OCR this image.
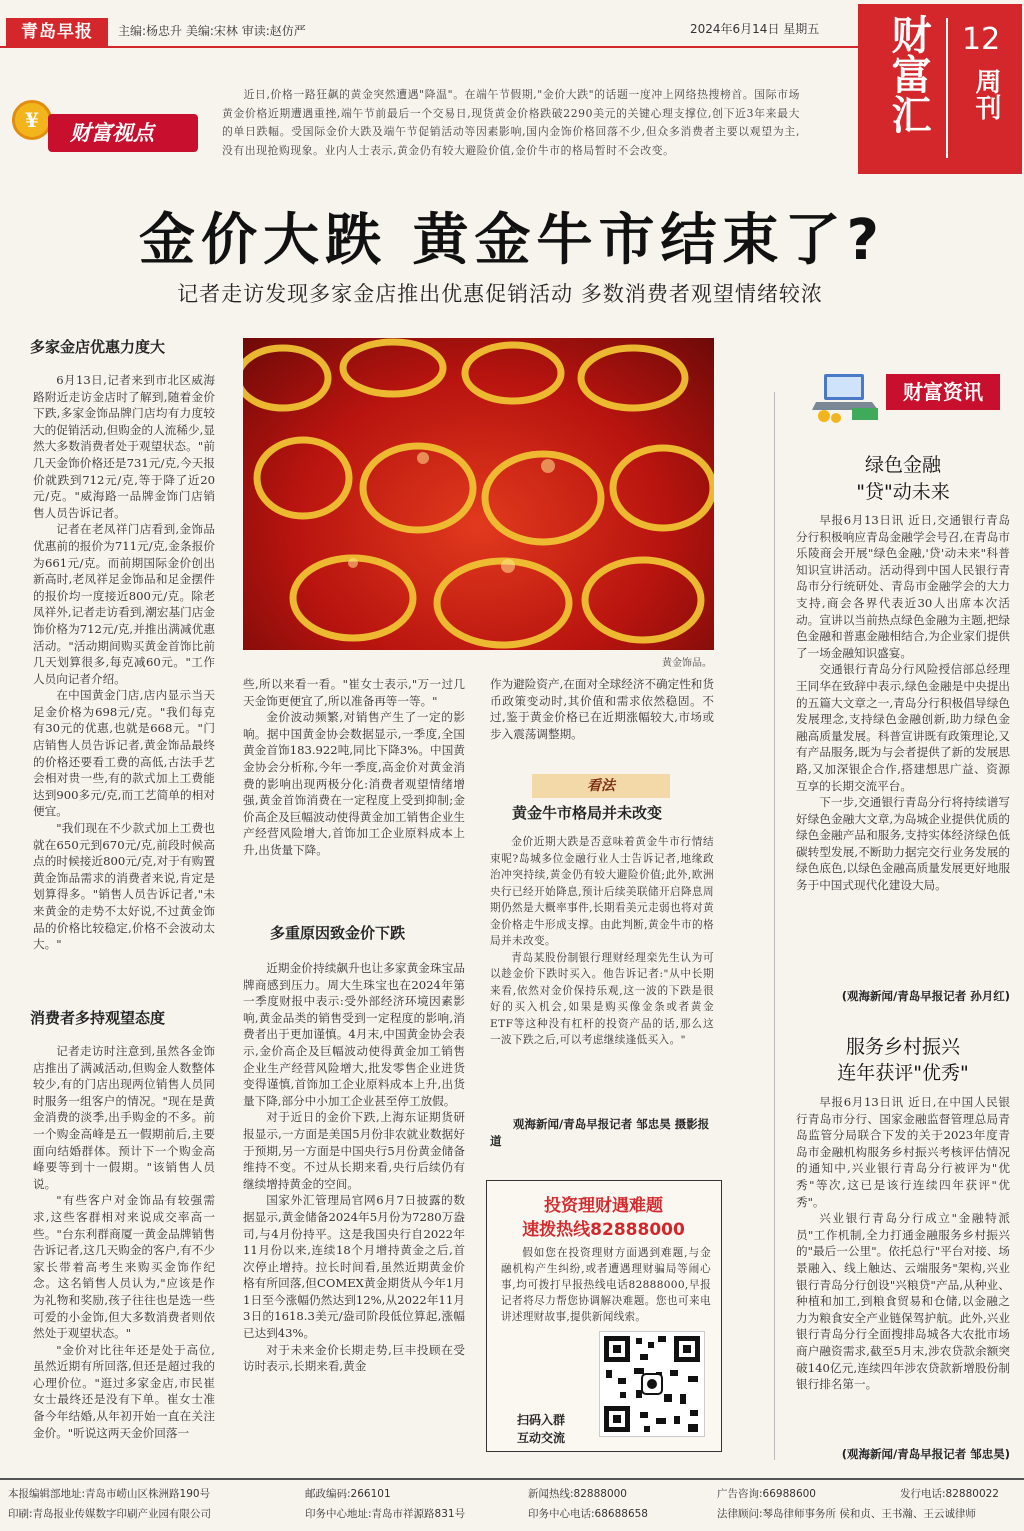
青岛早报	主编:杨忠升 美编:宋林 审读:赵仿严	2024年6月14日 星期五	财富汇 12
周刊
¥
财富视点
近日,价格一路狂飙的黄金突然遭遇"降温"。在端午节假期,"金价大跌"的话题一度冲上网络热搜榜首。国际市场黄金价格近期遭遇重挫,端午节前最后一个交易日,现货黄金价格跌破2290美元的关键心理支撑位,创下近3年来最大的单日跌幅。受国际金价大跌及端午节促销活动等因素影响,国内金饰价格回落不少,但众多消费者主要以观望为主,没有出现抢购现象。业内人士表示,黄金仍有较大避险价值,金价牛市的格局暂时不会改变。
金价大跌 黄金牛市结束了?
记者走访发现多家金店推出优惠促销活动 多数消费者观望情绪较浓
多家金店优惠力度大

6月13日,记者来到市北区威海路附近走访金店时了解到,随着金价下跌,多家金饰品牌门店均有力度较大的促销活动,但购金的人流稀少,显然大多数消费者处于观望状态。"前几天金饰价格还是731元/克,今天报价就跌到712元/克,等于降了近20元/克。"威海路一品牌金饰门店销售人员告诉记者。

记者在老凤祥门店看到,金饰品优惠前的报价为711元/克,金条报价为661元/克。而前期国际金价创出新高时,老凤祥足金饰品和足金摆件的报价均一度接近800元/克。除老凤祥外,记者走访看到,潮宏基门店金饰价格为712元/克,并推出满减优惠活动。"活动期间购买黄金首饰比前几天划算很多,每克减60元。"工作人员向记者介绍。

在中国黄金门店,店内显示当天足金价格为698元/克。"我们每克有30元的优惠,也就是668元。"门店销售人员告诉记者,黄金饰品最终的价格还要看工费的高低,古法手艺会相对贵一些,有的款式加上工费能达到900多元/克,而工艺简单的相对便宜。

"我们现在不少款式加上工费也就在650元到670元/克,前段时候高点的时候接近800元/克,对于有购置黄金饰品需求的消费者来说,肯定是划算得多。"销售人员告诉记者,"未来黄金的走势不太好说,不过黄金饰品的价格比较稳定,价格不会波动太大。"

消费者多持观望态度

记者走访时注意到,虽然各金饰店推出了满减活动,但购金人数整体较少,有的门店出现两位销售人员同时服务一组客户的情况。"现在是黄金消费的淡季,出手购金的不多。前一个购金高峰是五一假期前后,主要面向结婚群体。预计下一个购金高峰要等到十一假期。"该销售人员说。

"有些客户对金饰品有较强需求,这些客群相对来说成交率高一些。"台东利群商厦一黄金品牌销售告诉记者,这几天购金的客户,有不少家长带着高考生来购买金饰作纪念。这名销售人员认为,"应该是作为礼物和奖励,孩子往往也是选一些可爱的小金饰,但大多数消费者则依然处于观望状态。"

"金价对比往年还是处于高位,虽然近期有所回落,但还是超过我的心理价位。"逛过多家金店,市民崔女士最终还是没有下单。崔女士准备今年结婚,从年初开始一直在关注金价。"听说这两天金价回落一

黄金饰品。

些,所以来看一看。"崔女士表示,"万一过几天金饰更便宜了,所以准备再等一等。"

金价波动频繁,对销售产生了一定的影响。据中国黄金协会数据显示,一季度,全国黄金首饰183.922吨,同比下降3%。中国黄金协会分析称,今年一季度,高金价对黄金消费的影响出现两极分化:消费者观望情绪增强,黄金首饰消费在一定程度上受到抑制;金价高企及巨幅波动使得黄金加工销售企业生产经营风险增大,首饰加工企业原料成本上升,出货量下降。

多重原因致金价下跌

近期金价持续飙升也让多家黄金珠宝品牌商感到压力。周大生珠宝也在2024年第一季度财报中表示:受外部经济环境因素影响,黄金品类的销售受到一定程度的影响,消费者出于更加谨慎。4月末,中国黄金协会表示,金价高企及巨幅波动使得黄金加工销售企业生产经营风险增大,批发零售企业进货变得谨慎,首饰加工企业原料成本上升,出货量下降,部分中小加工企业甚至停工放假。

对于近日的金价下跌,上海东证期货研报显示,一方面是美国5月份非农就业数据好于预期,另一方面是中国央行5月份黄金储备维持不变。不过从长期来看,央行后续仍有继续增持黄金的空间。

国家外汇管理局官网6月7日披露的数据显示,黄金储备2024年5月份为7280万盎司,与4月份持平。这是我国央行自2022年11月份以来,连续18个月增持黄金之后,首次停止增持。拉长时间看,虽然近期黄金价格有所回落,但COMEX黄金期货从今年1月1日至今涨幅仍然达到12%,从2022年11月3日的1618.3美元/盎司阶段低位算起,涨幅已达到43%。

对于未来金价长期走势,巨丰投顾在受访时表示,长期来看,黄金

作为避险资产,在面对全球经济不确定性和货币政策变动时,其价值和需求依然稳固。不过,鉴于黄金价格已在近期涨幅较大,市场或步入震荡调整期。

看法
黄金牛市格局并未改变

金价近期大跌是否意味着黄金牛市行情结束呢?岛城多位金融行业人士告诉记者,地缘政治冲突持续,黄金仍有较大避险价值;此外,欧洲央行已经开始降息,预计后续美联储开启降息周期仍然是大概率事件,长期看美元走弱也将对黄金价格走牛形成支撑。由此判断,黄金牛市的格局并未改变。

青岛某股份制银行理财经理栾先生认为可以趁金价下跌时买入。他告诉记者:"从中长期来看,依然对金价保持乐观,这一波的下跌是很好的买入机会,如果是购买像金条或者黄金ETF等这种没有杠杆的投资产品的话,那么这一波下跌之后,可以考虑继续逢低买入。"

观海新闻/青岛早报记者 邹忠昊 摄影报道
投资理财遇难题
速拨热线82888000
假如您在投资理财方面遇到难题,与金融机构产生纠纷,或者遭遇理财骗局等闹心事,均可拨打早报热线电话82888000,早报记者将尽力帮您协调解决难题。您也可来电讲述理财故事,提供新闻线索。
扫码入群
互动交流
财富资讯
绿色金融
"贷"动未来

早报6月13日讯 近日,交通银行青岛分行积极响应青岛金融学会号召,在青岛市乐陵商会开展"绿色金融,'贷'动未来"科普知识宣讲活动。活动得到中国人民银行青岛市分行统研处、青岛市金融学会的大力支持,商会各界代表近30人出席本次活动。宣讲以当前热点绿色金融为主题,把绿色金融和普惠金融相结合,为企业家们提供了一场金融知识盛宴。

交通银行青岛分行风险授信部总经理王同华在致辞中表示,绿色金融是中央提出的五篇大文章之一,青岛分行积极倡导绿色发展理念,支持绿色金融创新,助力绿色金融高质量发展。科普宣讲既有政策理论,又有产品服务,既为与会者提供了新的发展思路,又加深银企合作,搭建想思广益、资源互享的长期交流平台。

下一步,交通银行青岛分行将持续谱写好绿色金融大文章,为岛城企业提供优质的绿色金融产品和服务,支持实体经济绿色低碳转型发展,不断助力据完交行业务发展的绿色底色,以绿色金融高质量发展更好地服务于中国式现代化建设大局。

(观海新闻/青岛早报记者 孙月红)
服务乡村振兴
连年获评"优秀"

早报6月13日讯 近日,在中国人民银行青岛市分行、国家金融监督管理总局青岛监管分局联合下发的关于2023年度青岛市金融机构服务乡村振兴考核评估情况的通知中,兴业银行青岛分行被评为"优秀"等次,这已是该行连续四年获评"优秀"。

兴业银行青岛分行成立"金融特派员"工作机制,全力打通金融服务乡村振兴的"最后一公里"。依托总行"平台对接、场景融入、线上触达、云端服务"架构,兴业银行青岛分行创设"兴粮贷"产品,从种业、种植和加工,到粮食贸易和仓储,以金融之力为粮食安全产业链保驾护航。此外,兴业银行青岛分行全面搜排岛城各大农批市场商户融资需求,截至5月末,涉农贷款余额突破140亿元,连续四年涉农贷款新增股份制银行排名第一。

(观海新闻/青岛早报记者 邹忠昊)
本报编辑部地址:青岛市崂山区株洲路190号	邮政编码:266101	新闻热线:82888000	广告咨询:66988600	发行电话:82880022
印刷:青岛报业传媒数字印刷产业园有限公司	印务中心地址:青岛市祥源路831号	印务中心电话:68688658	法律顾问:琴岛律师事务所 侯和贞、王书瀚、王云诚律师
